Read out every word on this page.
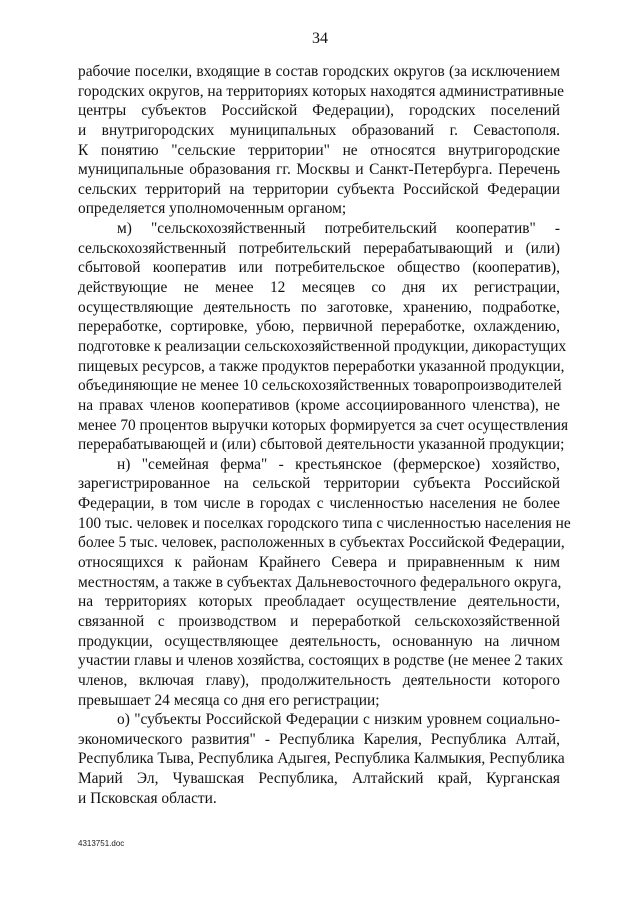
34
рабочие поселки, входящие в состав городских округов (за исключением
городских округов, на территориях которых находятся административные
центры субъектов Российской Федерации), городских поселений
и внутригородских муниципальных образований г. Севастополя.
К понятию "сельские территории" не относятся внутригородские
муниципальные образования гг. Москвы и Санкт-Петербурга. Перечень
сельских территорий на территории субъекта Российской Федерации
определяется уполномоченным органом;
м) "сельскохозяйственный потребительский кооператив" -
сельскохозяйственный потребительский перерабатывающий и (или)
сбытовой кооператив или потребительское общество (кооператив),
действующие не менее 12 месяцев со дня их регистрации,
осуществляющие деятельность по заготовке, хранению, подработке,
переработке, сортировке, убою, первичной переработке, охлаждению,
подготовке к реализации сельскохозяйственной продукции, дикорастущих
пищевых ресурсов, а также продуктов переработки указанной продукции,
объединяющие не менее 10 сельскохозяйственных товаропроизводителей
на правах членов кооперативов (кроме ассоциированного членства), не
менее 70 процентов выручки которых формируется за счет осуществления
перерабатывающей и (или) сбытовой деятельности указанной продукции;
н) "семейная ферма" - крестьянское (фермерское) хозяйство,
зарегистрированное на сельской территории субъекта Российской
Федерации, в том числе в городах с численностью населения не более
100 тыс. человек и поселках городского типа с численностью населения не
более 5 тыс. человек, расположенных в субъектах Российской Федерации,
относящихся к районам Крайнего Севера и приравненным к ним
местностям, а также в субъектах Дальневосточного федерального округа,
на территориях которых преобладает осуществление деятельности,
связанной с производством и переработкой сельскохозяйственной
продукции, осуществляющее деятельность, основанную на личном
участии главы и членов хозяйства, состоящих в родстве (не менее 2 таких
членов, включая главу), продолжительность деятельности которого
превышает 24 месяца со дня его регистрации;
о) "субъекты Российской Федерации с низким уровнем социально-
экономического развития" - Республика Карелия, Республика Алтай,
Республика Тыва, Республика Адыгея, Республика Калмыкия, Республика
Марий Эл, Чувашская Республика, Алтайский край, Курганская
и Псковская области.
4313751.doc
